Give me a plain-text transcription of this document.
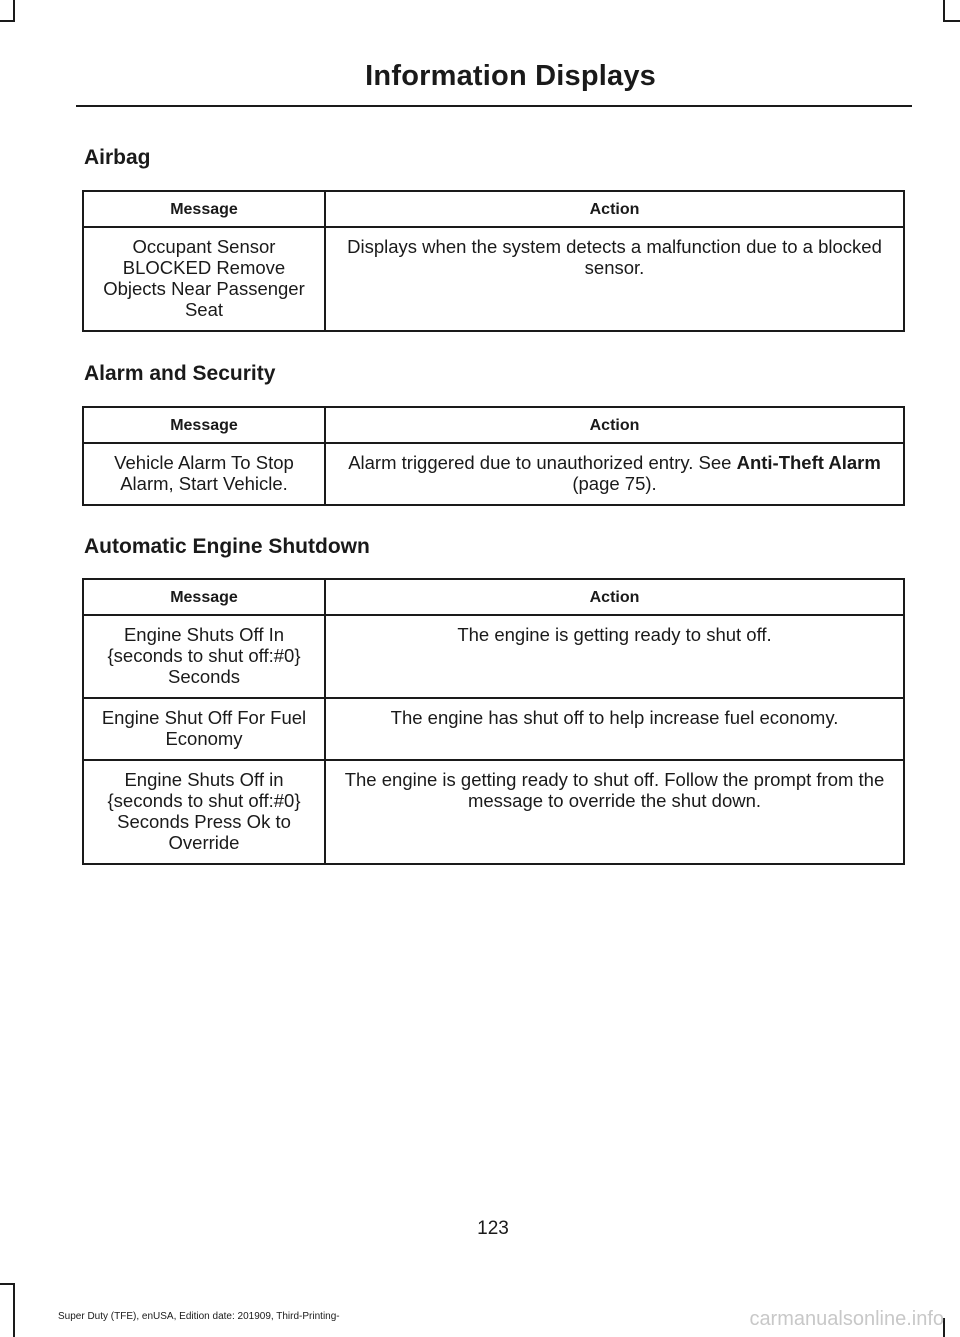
Information Displays
Airbag
Message	Action
Occupant Sensor BLOCKED Remove Objects Near Passenger Seat	Displays when the system detects a malfunction due to a blocked sensor.
Alarm and Security
Message	Action
Vehicle Alarm To Stop Alarm, Start Vehicle.	Alarm triggered due to unauthorized entry. See Anti-Theft Alarm (page 75).
Automatic Engine Shutdown
Message	Action
Engine Shuts Off In {seconds to shut off:#0} Seconds	The engine is getting ready to shut off.
Engine Shut Off For Fuel Economy	The engine has shut off to help increase fuel economy.
Engine Shuts Off in {seconds to shut off:#0} Seconds Press Ok to Override	The engine is getting ready to shut off. Follow the prompt from the message to override the shut down.
123
Super Duty (TFE), enUSA, Edition date: 201909, Third-Printing-	carmanualsonline.info
